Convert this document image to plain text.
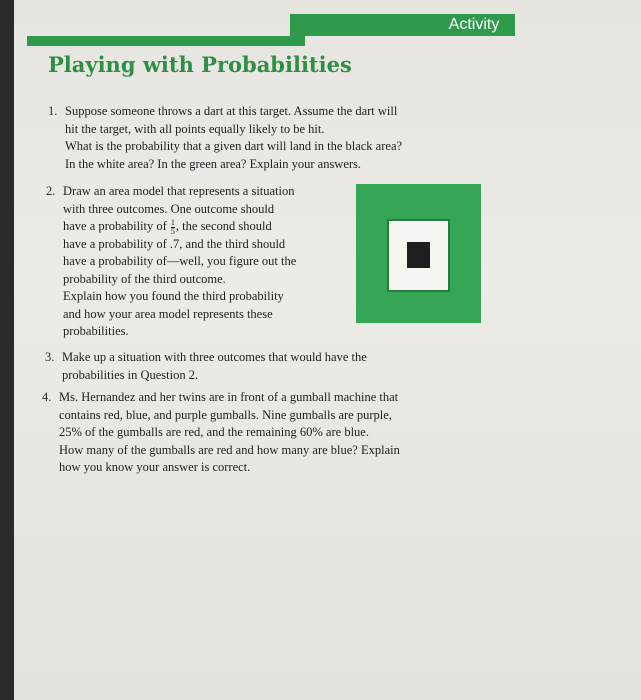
Activity
Playing with Probabilities
1. Suppose someone throws a dart at this target. Assume the dart will

hit the target, with all points equally likely to be hit.

What is the probability that a given dart will land in the black area?

In the white area? In the green area? Explain your answers.

2. Draw an area model that represents a situation

with three outcomes. One outcome should

have a probability of $\frac{1}{5}$ , the second should

have a probability of .7, and the third should

have a probability of—well, you figure out the

probability of the third outcome.

Explain how you found the third probability

and how your area model represents these

probabilities.

3. Make up a situation with three outcomes that would have the

probabilities in Question 2.

4. Ms. Hernandez and her twins are in front of a gumball machine that

contains red, blue, and purple gumballs. Nine gumballs are purple,

25% of the gumballs are red, and the remaining 60% are blue.

How many of the gumballs are red and how many are blue? Explain

how you know your answer is correct.
